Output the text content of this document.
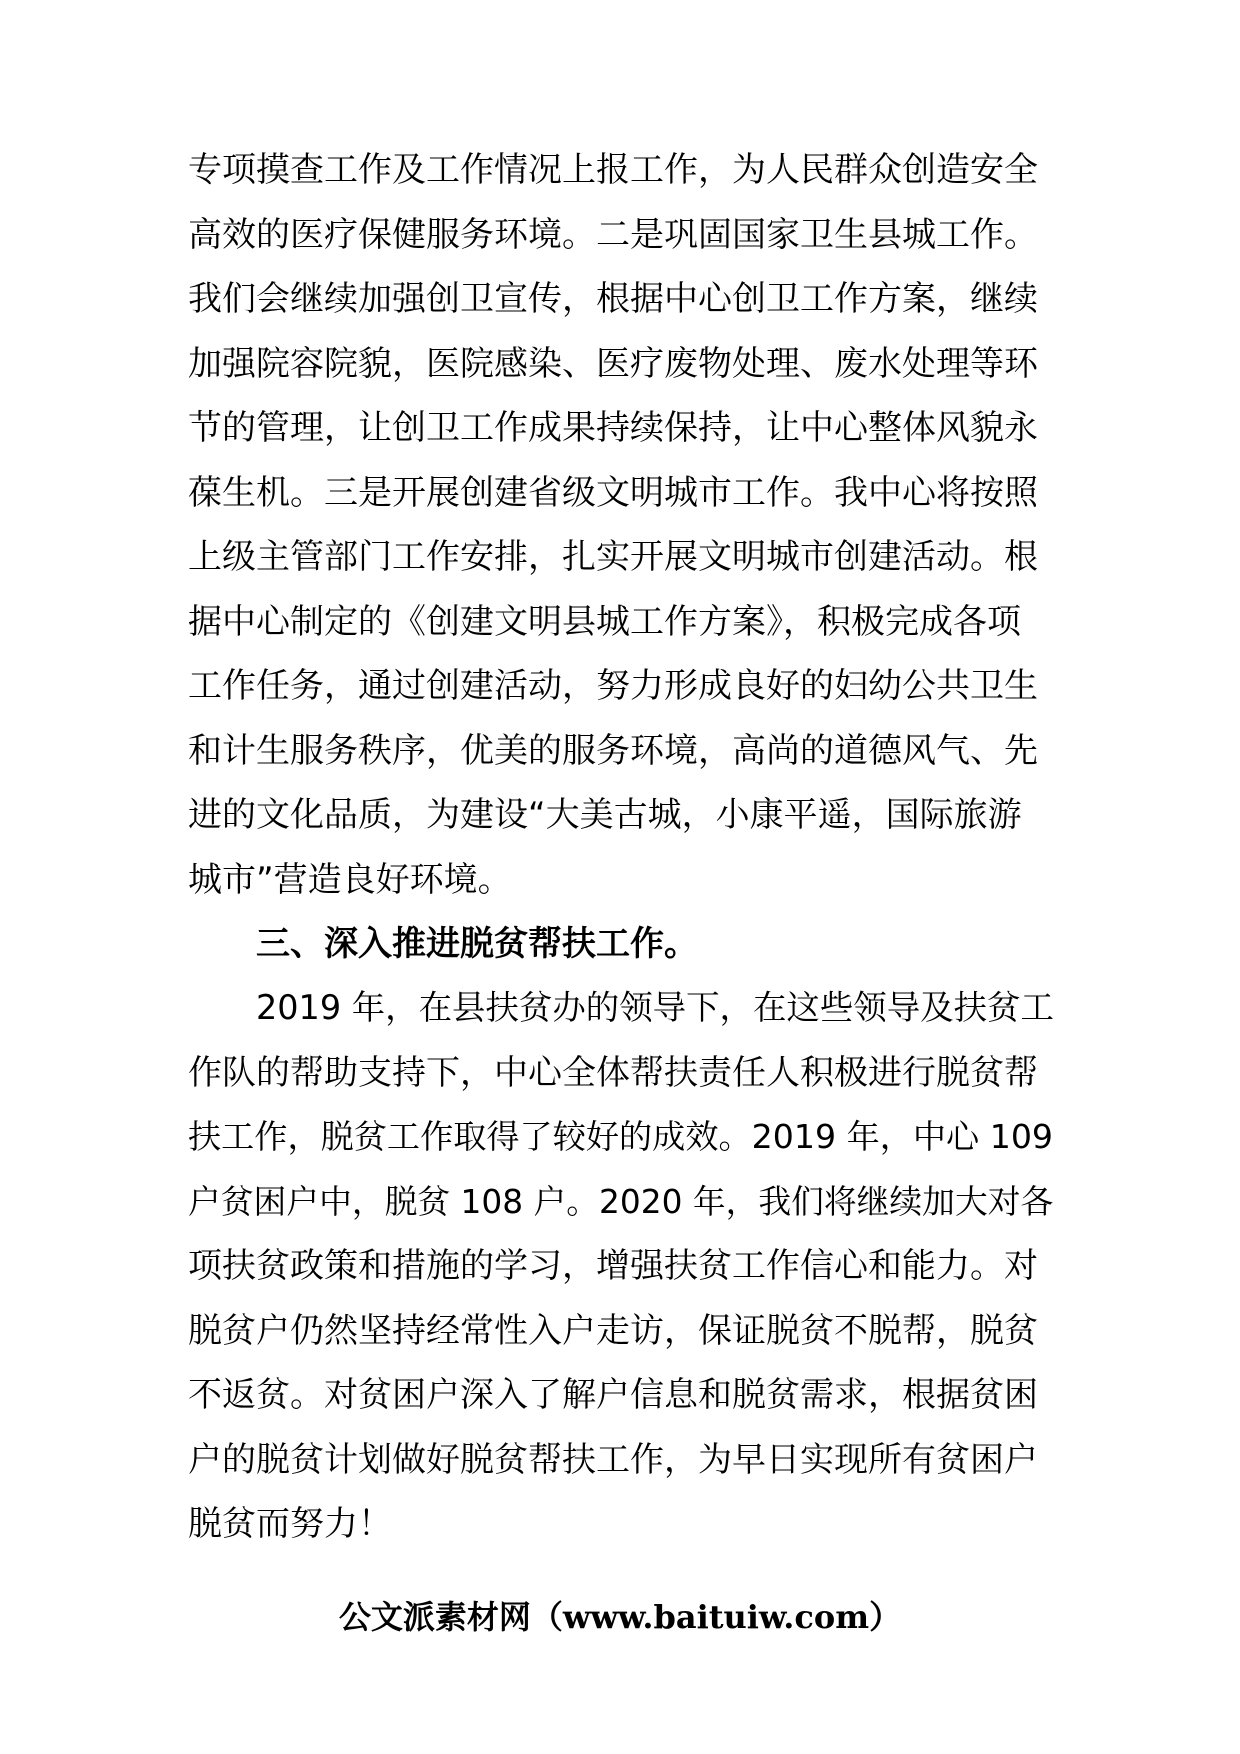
专项摸查工作及工作情况上报工作，为人民群众创造安全
高效的医疗保健服务环境。二是巩固国家卫生县城工作。
我们会继续加强创卫宣传，根据中心创卫工作方案，继续
加强院容院貌，医院感染、医疗废物处理、废水处理等环
节的管理，让创卫工作成果持续保持，让中心整体风貌永
葆生机。三是开展创建省级文明城市工作。我中心将按照
上级主管部门工作安排，扎实开展文明城市创建活动。根
据中心制定的《创建文明县城工作方案》，积极完成各项
工作任务，通过创建活动，努力形成良好的妇幼公共卫生
和计生服务秩序，优美的服务环境，高尚的道德风气、先
进的文化品质，为建设“大美古城，小康平遥，国际旅游
城市”营造良好环境。
三、深入推进脱贫帮扶工作。
2019 年，在县扶贫办的领导下，在这些领导及扶贫工
作队的帮助支持下，中心全体帮扶责任人积极进行脱贫帮
扶工作，脱贫工作取得了较好的成效。2019 年，中心 109
户贫困户中，脱贫 108 户。2020 年，我们将继续加大对各
项扶贫政策和措施的学习，增强扶贫工作信心和能力。对
脱贫户仍然坚持经常性入户走访，保证脱贫不脱帮，脱贫
不返贫。对贫困户深入了解户信息和脱贫需求，根据贫困
户的脱贫计划做好脱贫帮扶工作，为早日实现所有贫困户
脱贫而努力！
公文派素材网（www.baituiw.com）
